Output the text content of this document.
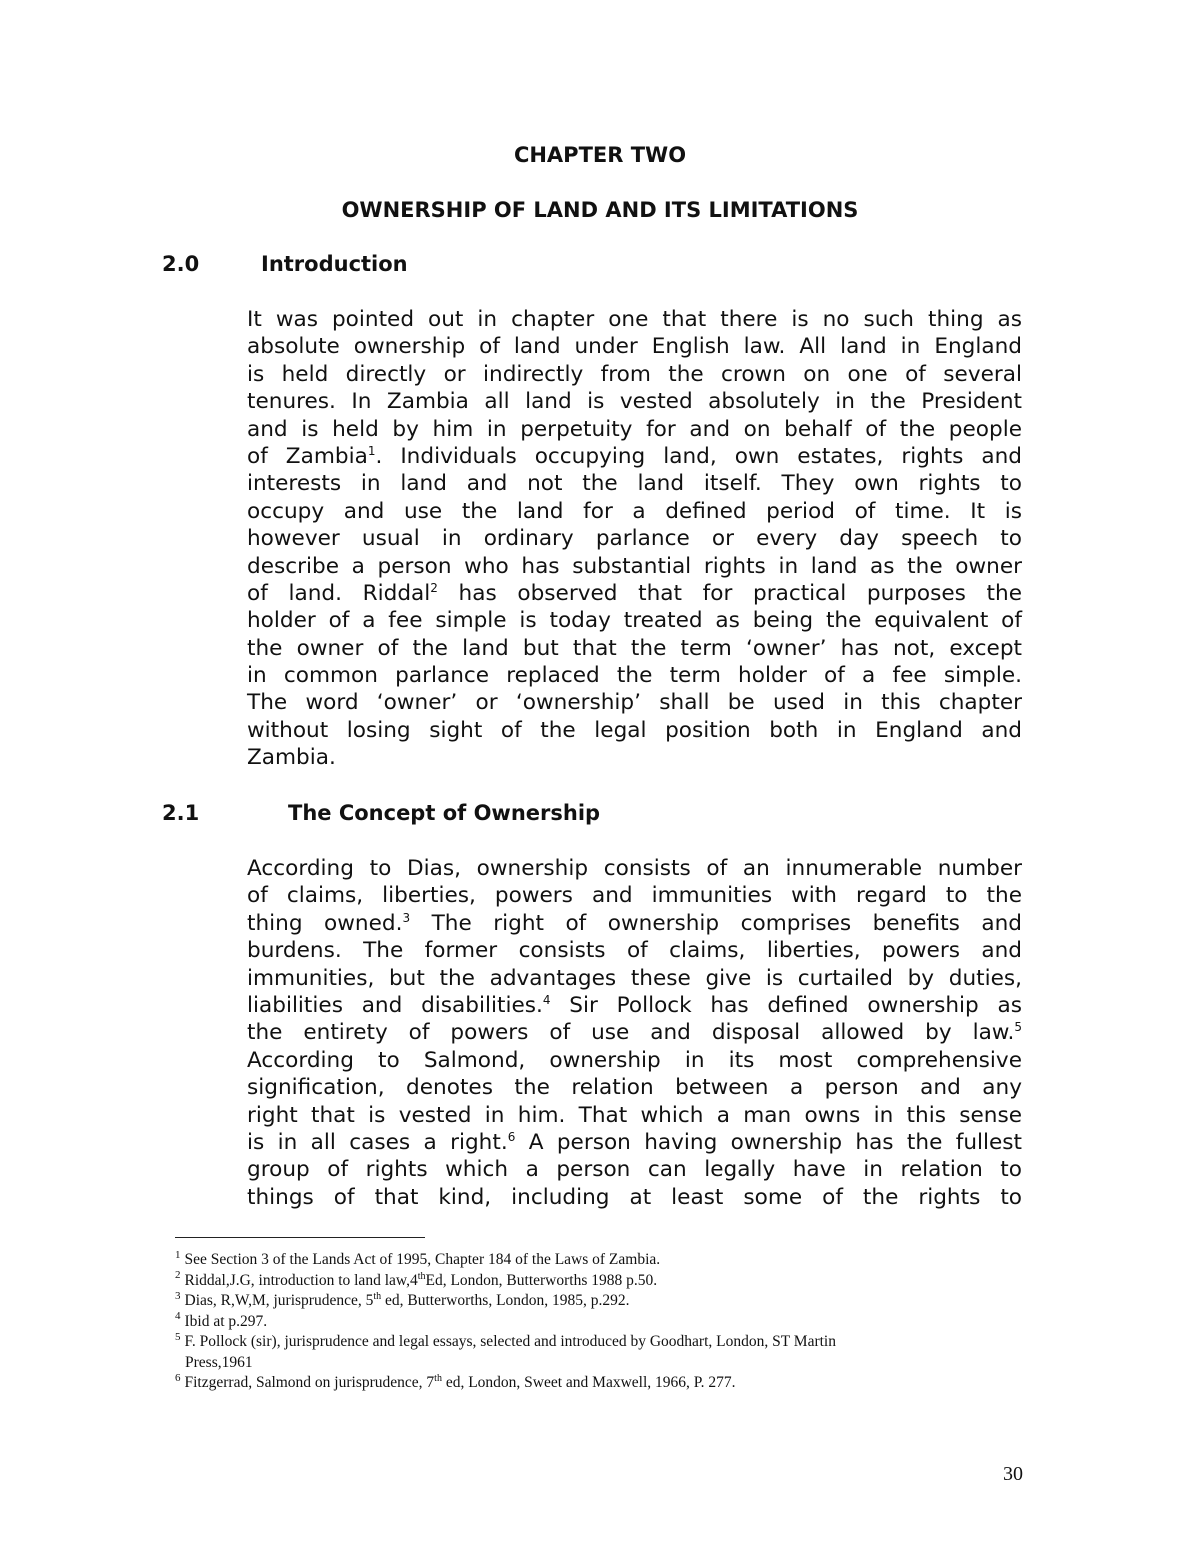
CHAPTER TWO
OWNERSHIP OF LAND AND ITS LIMITATIONS
2.0	Introduction
It was pointed out in chapter one that there is no such thing as
absolute ownership of land under English law. All land in England
is held directly or indirectly from the crown on one of several
tenures. In Zambia all land is vested absolutely in the President
and is held by him in perpetuity for and on behalf of the people
of Zambia$^1$. Individuals occupying land, own estates, rights and
interests in land and not the land itself. They own rights to
occupy and use the land for a defined period of time. It is
however usual in ordinary parlance or every day speech to
describe a person who has substantial rights in land as the owner
of land. Riddal$^2$ has observed that for practical purposes the
holder of a fee simple is today treated as being the equivalent of
the owner of the land but that the term ‘owner’ has not, except
in common parlance replaced the term holder of a fee simple.
The word ‘owner’ or ‘ownership’ shall be used in this chapter
without losing sight of the legal position both in England and
Zambia.
2.1	The Concept of Ownership
According to Dias, ownership consists of an innumerable number
of claims, liberties, powers and immunities with regard to the
thing owned.$^3$ The right of ownership comprises benefits and
burdens. The former consists of claims, liberties, powers and
immunities, but the advantages these give is curtailed by duties,
liabilities and disabilities.$^4$ Sir Pollock has defined ownership as
the entirety of powers of use and disposal allowed by law.$^5$
According to Salmond, ownership in its most comprehensive
signification, denotes the relation between a person and any
right that is vested in him. That which a man owns in this sense
is in all cases a right.$^6$ A person having ownership has the fullest
group of rights which a person can legally have in relation to
things of that kind, including at least some of the rights to
$^1$ See Section 3 of the Lands Act of 1995, Chapter 184 of the Laws of Zambia.
$^2$ Riddal,J.G, introduction to land law,4thEd, London, Butterworths 1988 p.50.
$^3$ Dias, R,W,M, jurisprudence, 5th ed, Butterworths, London, 1985, p.292.
$^4$ Ibid at p.297.
$^5$ F. Pollock (sir), jurisprudence and legal essays, selected and introduced by Goodhart, London, ST Martin
Press,1961
$^6$ Fitzgerrad, Salmond on jurisprudence, 7th ed, London, Sweet and Maxwell, 1966, P. 277.
30
